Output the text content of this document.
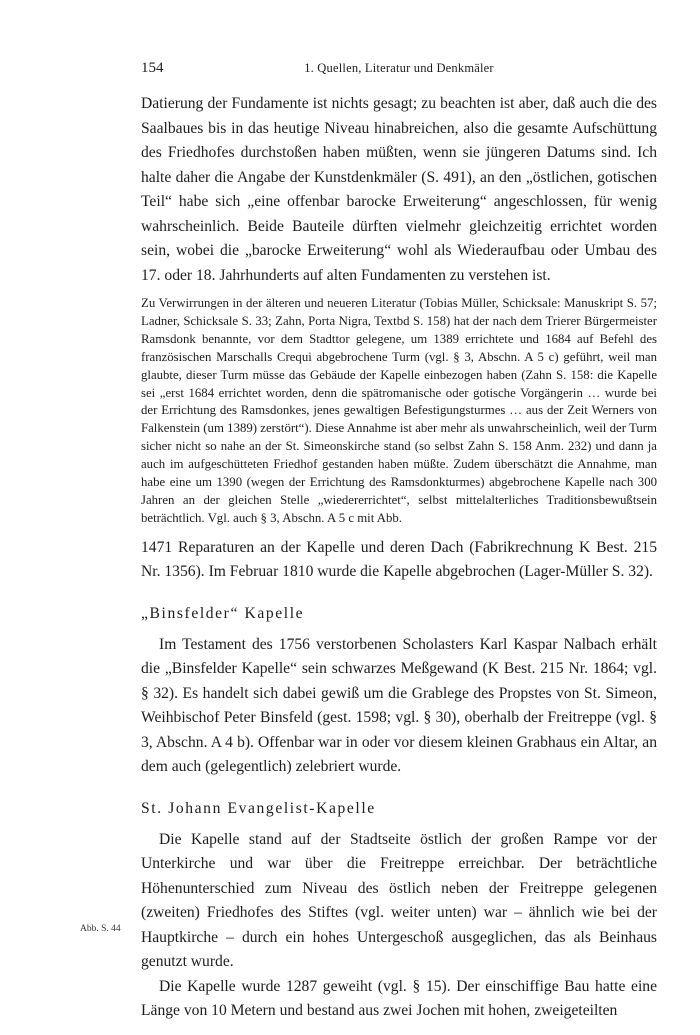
154	1. Quellen, Literatur und Denkmäler

Datierung der Fundamente ist nichts gesagt; zu beachten ist aber, daß auch die des Saalbaues bis in das heutige Niveau hinabreichen, also die gesamte Aufschüttung des Friedhofes durchstoßen haben müßten, wenn sie jüngeren Datums sind. Ich halte daher die Angabe der Kunstdenkmäler (S. 491), an den „östlichen, gotischen Teil“ habe sich „eine offenbar barocke Erweiterung“ angeschlossen, für wenig wahrscheinlich. Beide Bauteile dürften vielmehr gleichzeitig errichtet worden sein, wobei die „barocke Erweiterung“ wohl als Wiederaufbau oder Umbau des 17. oder 18. Jahrhunderts auf alten Fundamenten zu verstehen ist.

Zu Verwirrungen in der älteren und neueren Literatur (Tobias Müller, Schicksale: Manuskript S. 57; Ladner, Schicksale S. 33; Zahn, Porta Nigra, Textbd S. 158) hat der nach dem Trierer Bürgermeister Ramsdonk benannte, vor dem Stadttor gelegene, um 1389 errichtete und 1684 auf Befehl des französischen Marschalls Crequi abgebrochene Turm (vgl. § 3, Abschn. A 5 c) geführt, weil man glaubte, dieser Turm müsse das Gebäude der Kapelle einbezogen haben (Zahn S. 158: die Kapelle sei „erst 1684 errichtet worden, denn die spätromanische oder gotische Vorgängerin … wurde bei der Errichtung des Ramsdonkes, jenes gewaltigen Befestigungsturmes … aus der Zeit Werners von Falkenstein (um 1389) zerstört“). Diese Annahme ist aber mehr als unwahrscheinlich, weil der Turm sicher nicht so nahe an der St. Simeonskirche stand (so selbst Zahn S. 158 Anm. 232) und dann ja auch im aufgeschütteten Friedhof gestanden haben müßte. Zudem überschätzt die Annahme, man habe eine um 1390 (wegen der Errichtung des Ramsdonkturmes) abgebrochene Kapelle nach 300 Jahren an der gleichen Stelle „wiedererrichtet“, selbst mittelalterliches Traditionsbewußtsein beträchtlich. Vgl. auch § 3, Abschn. A 5 c mit Abb.

1471 Reparaturen an der Kapelle und deren Dach (Fabrikrechnung K Best. 215 Nr. 1356). Im Februar 1810 wurde die Kapelle abgebrochen (Lager-Müller S. 32).

„Binsfelder“ Kapelle

Im Testament des 1756 verstorbenen Scholasters Karl Kaspar Nalbach erhält die „Binsfelder Kapelle“ sein schwarzes Meßgewand (K Best. 215 Nr. 1864; vgl. § 32). Es handelt sich dabei gewiß um die Grablege des Propstes von St. Simeon, Weihbischof Peter Binsfeld (gest. 1598; vgl. § 30), oberhalb der Freitreppe (vgl. § 3, Abschn. A 4 b). Offenbar war in oder vor diesem kleinen Grabhaus ein Altar, an dem auch (gelegentlich) zelebriert wurde.

St. Johann Evangelist-Kapelle

Die Kapelle stand auf der Stadtseite östlich der großen Rampe vor der Unterkirche und war über die Freitreppe erreichbar. Der beträchtliche Höhenunterschied zum Niveau des östlich neben der Freitreppe gelegenen (zweiten) Friedhofes des Stiftes (vgl. weiter unten) war – ähnlich wie bei der Hauptkirche – durch ein hohes Untergeschoß ausgeglichen, das als Beinhaus genutzt wurde.

Die Kapelle wurde 1287 geweiht (vgl. § 15). Der einschiffige Bau hatte eine Länge von 10 Metern und bestand aus zwei Jochen mit hohen, zweigeteilten

Abb. S. 44
